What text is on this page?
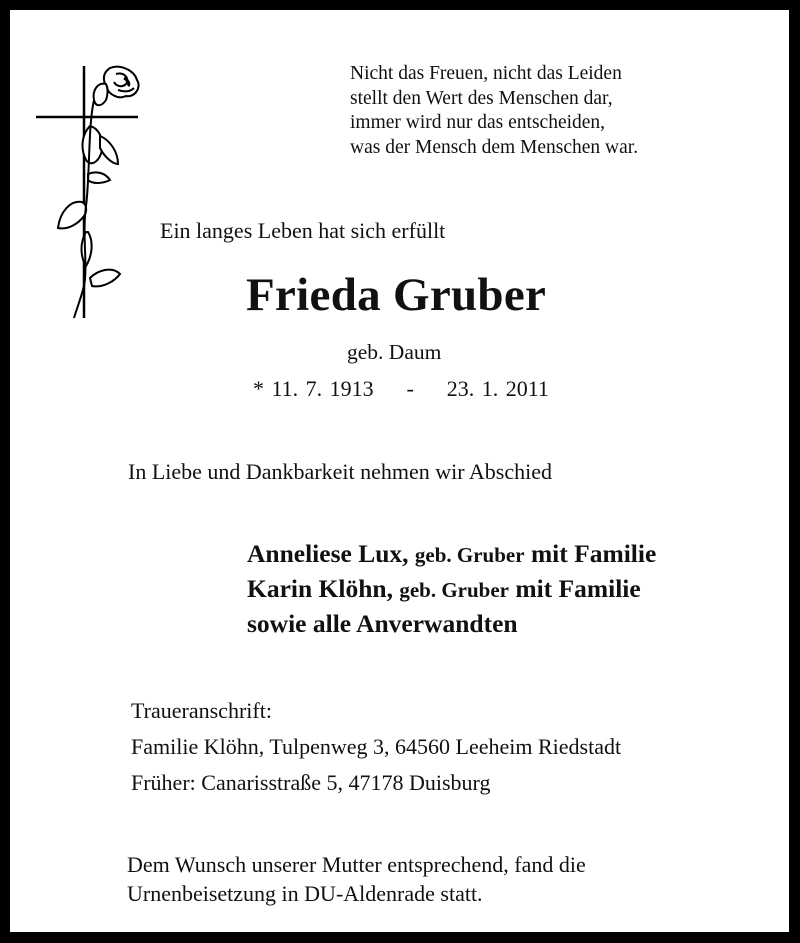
Nicht das Freuen, nicht das Leiden
stellt den Wert des Menschen dar,
immer wird nur das entscheiden,
was der Mensch dem Menschen war.
Ein langes Leben hat sich erfüllt
Frieda Gruber
geb. Daum
* 11. 7. 1913 - 23. 1. 2011
In Liebe und Dankbarkeit nehmen wir Abschied
Anneliese Lux, geb. Gruber mit Familie
Karin Klöhn, geb. Gruber mit Familie
sowie alle Anverwandten
Traueranschrift:
Familie Klöhn, Tulpenweg 3, 64560 Leeheim Riedstadt
Früher: Canarisstraße 5, 47178 Duisburg
Dem Wunsch unserer Mutter entsprechend, fand die
Urnenbeisetzung in DU-Aldenrade statt.
